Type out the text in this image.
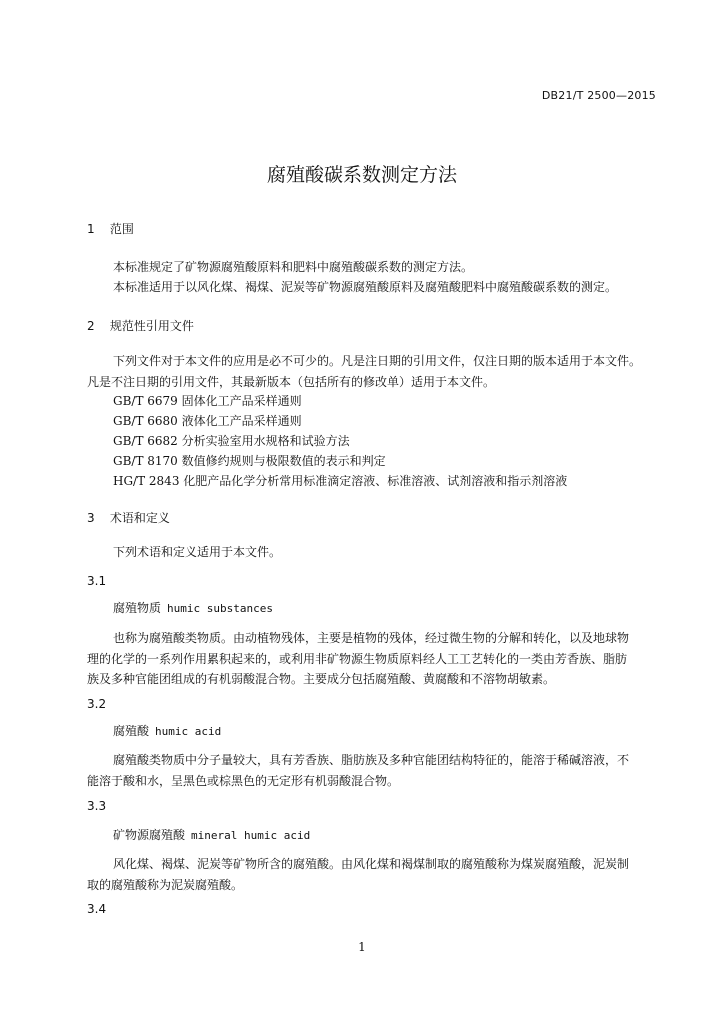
DB21/T 2500—2015
腐殖酸碳系数测定方法
1 范围
本标准规定了矿物源腐殖酸原料和肥料中腐殖酸碳系数的测定方法。
本标准适用于以风化煤、褐煤、泥炭等矿物源腐殖酸原料及腐殖酸肥料中腐殖酸碳系数的测定。
2 规范性引用文件
下列文件对于本文件的应用是必不可少的。凡是注日期的引用文件，仅注日期的版本适用于本文件。
凡是不注日期的引用文件，其最新版本（包括所有的修改单）适用于本文件。
GB/T 6679 固体化工产品采样通则
GB/T 6680 液体化工产品采样通则
GB/T 6682 分析实验室用水规格和试验方法
GB/T 8170 数值修约规则与极限数值的表示和判定
HG/T 2843 化肥产品化学分析常用标准滴定溶液、标准溶液、试剂溶液和指示剂溶液
3 术语和定义
下列术语和定义适用于本文件。
3.1
腐殖物质 humic substances
也称为腐殖酸类物质。由动植物残体，主要是植物的残体，经过微生物的分解和转化，以及地球物
理的化学的一系列作用累积起来的，或利用非矿物源生物质原料经人工工艺转化的一类由芳香族、脂肪
族及多种官能团组成的有机弱酸混合物。主要成分包括腐殖酸、黄腐酸和不溶物胡敏素。
3.2
腐殖酸 humic acid
腐殖酸类物质中分子量较大，具有芳香族、脂肪族及多种官能团结构特征的，能溶于稀碱溶液，不
能溶于酸和水，呈黑色或棕黑色的无定形有机弱酸混合物。
3.3
矿物源腐殖酸 mineral humic acid
风化煤、褐煤、泥炭等矿物所含的腐殖酸。由风化煤和褐煤制取的腐殖酸称为煤炭腐殖酸，泥炭制
取的腐殖酸称为泥炭腐殖酸。
3.4
1
